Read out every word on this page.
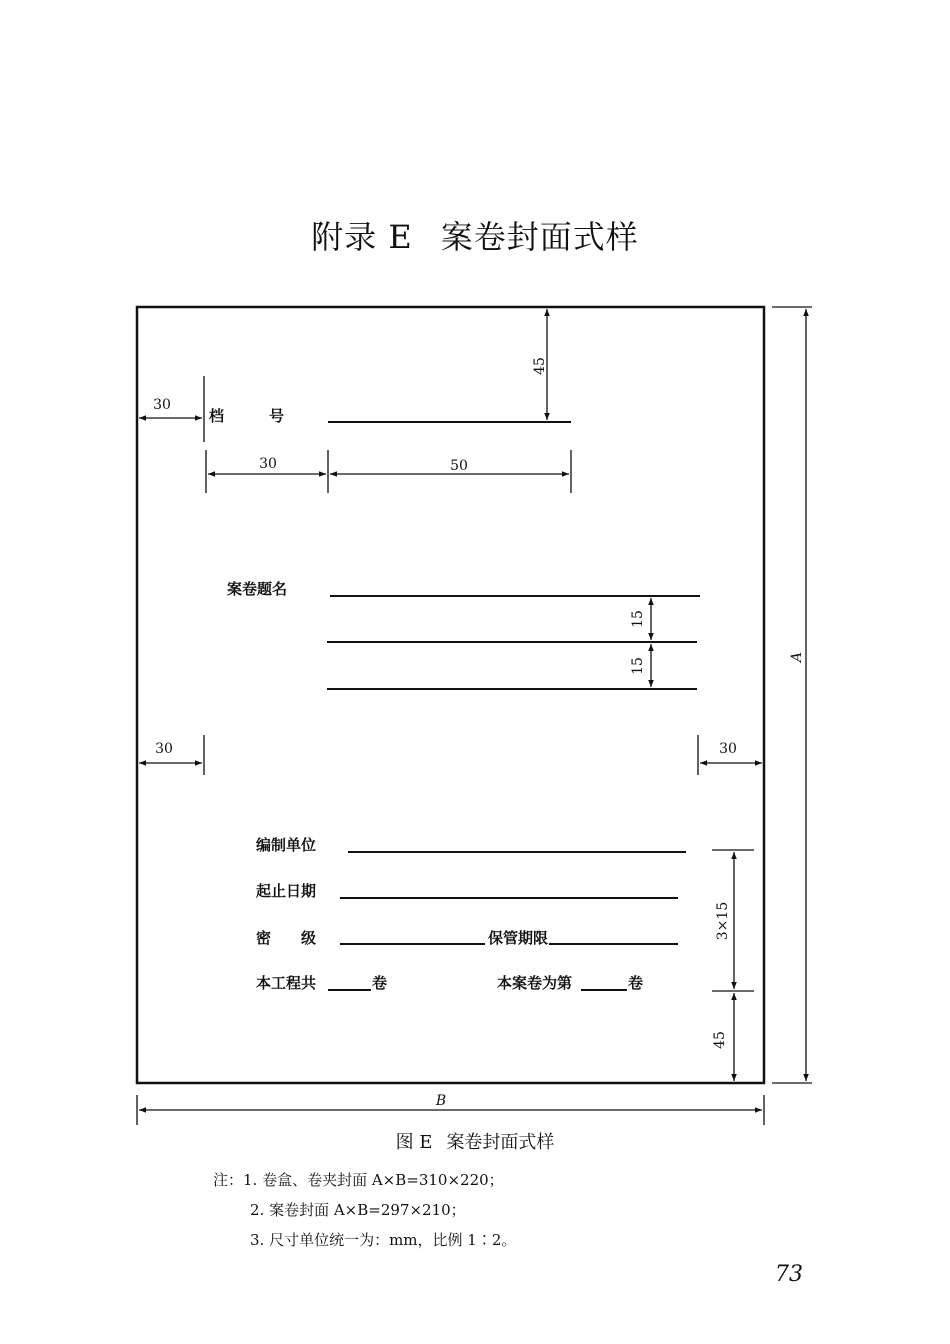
附录 E 案卷封面式样
45
档　　　号
30
30	50
案卷题名
15
15
30	30
编制单位
起止日期
密　　级	保管期限
本工程共	卷	本案卷为第	卷
3×15
45
A
B
图 E 案卷封面式样
注：1. 卷盒、卷夹封面 A×B=310×220；
2. 案卷封面 A×B=297×210；
3. 尺寸单位统一为：mm，比例 1∶2。
73
